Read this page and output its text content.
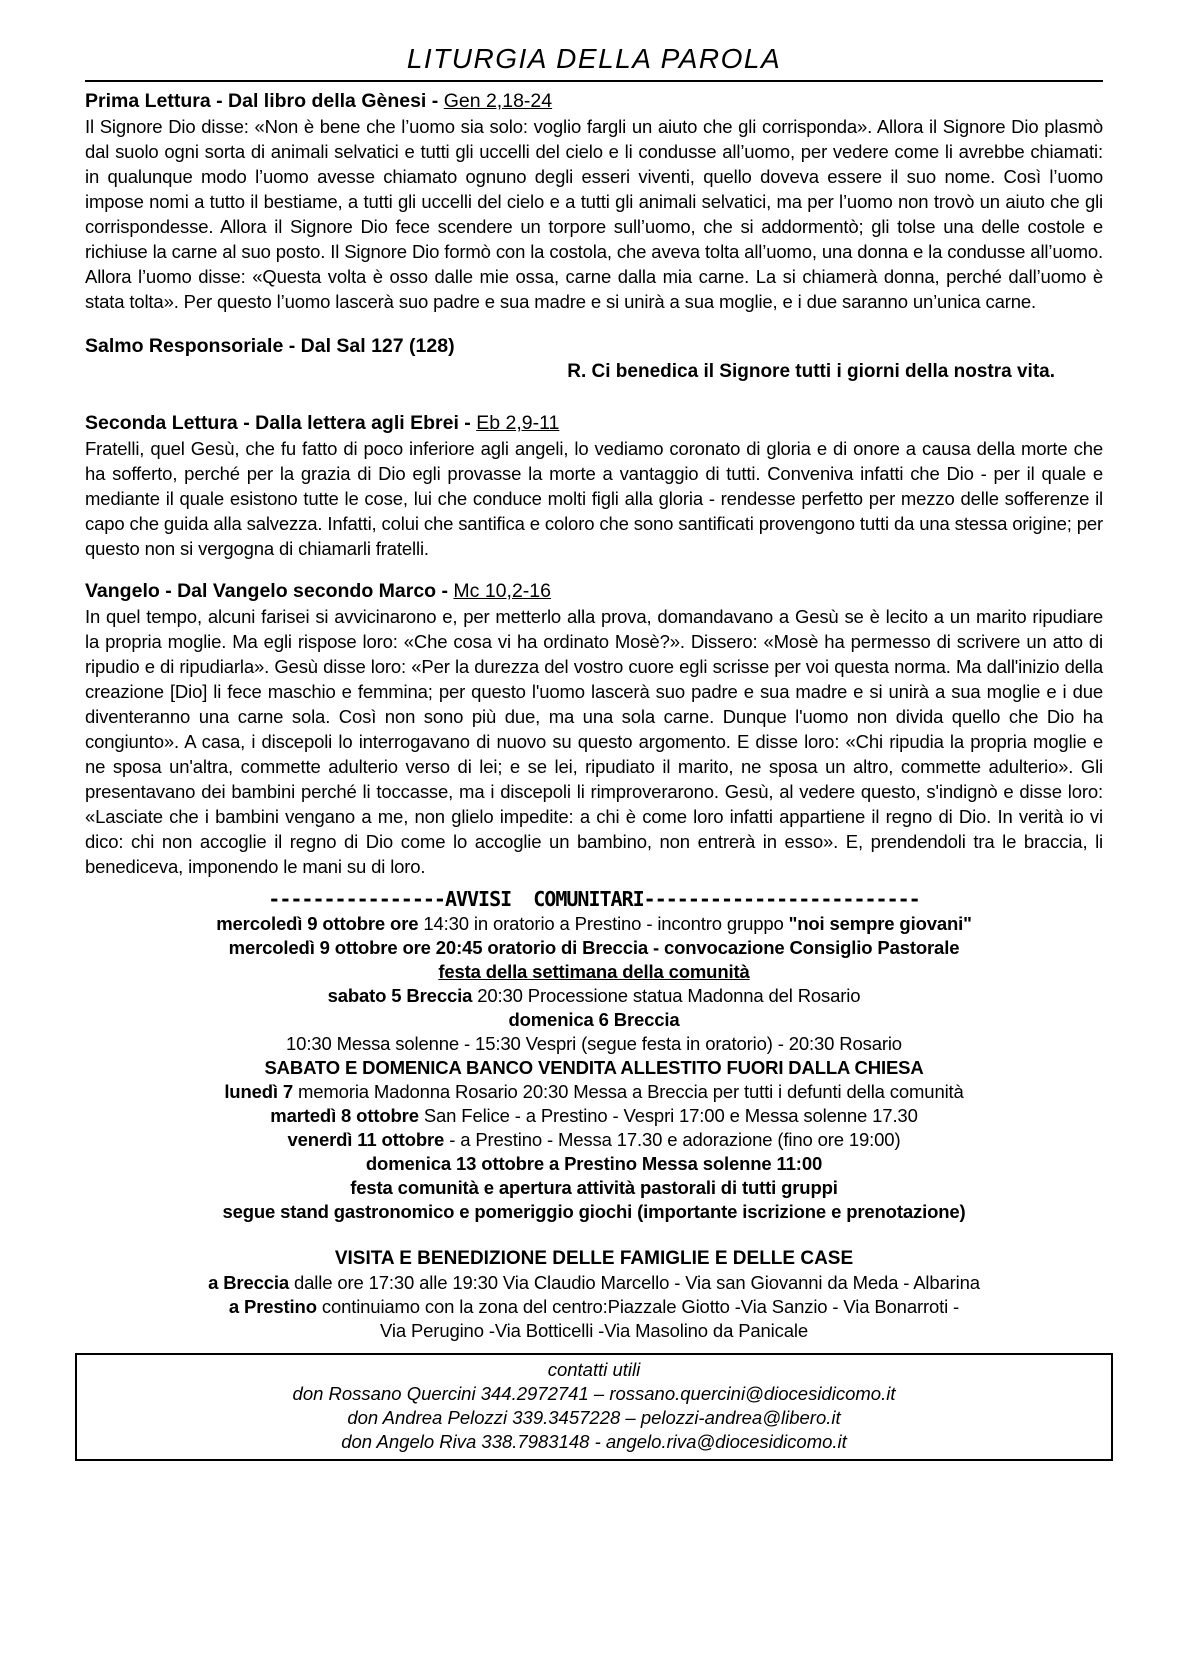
LITURGIA DELLA PAROLA
Prima Lettura - Dal libro della Gènesi - Gen 2,18-24

Il Signore Dio disse: «Non è bene che l’uomo sia solo: voglio fargli un aiuto che gli corrisponda». Allora il Signore Dio plasmò dal suolo ogni sorta di animali selvatici e tutti gli uccelli del cielo e li condusse all’uomo, per vedere come li avrebbe chiamati: in qualunque modo l’uomo avesse chiamato ognuno degli esseri viventi, quello doveva essere il suo nome. Così l’uomo impose nomi a tutto il bestiame, a tutti gli uccelli del cielo e a tutti gli animali selvatici, ma per l’uomo non trovò un aiuto che gli corrispondesse. Allora il Signore Dio fece scendere un torpore sull’uomo, che si addormentò; gli tolse una delle costole e richiuse la carne al suo posto. Il Signore Dio formò con la costola, che aveva tolta all’uomo, una donna e la condusse all’uomo. Allora l’uomo disse: «Questa volta è osso dalle mie ossa, carne dalla mia carne. La si chiamerà donna, perché dall’uomo è stata tolta». Per questo l’uomo lascerà suo padre e sua madre e si unirà a sua moglie, e i due saranno un’unica carne.

Salmo Responsoriale - Dal Sal 127 (128)
R. Ci benedica il Signore tutti i giorni della nostra vita.
Seconda Lettura - Dalla lettera agli Ebrei - Eb 2,9-11

Fratelli, quel Gesù, che fu fatto di poco inferiore agli angeli, lo vediamo coronato di gloria e di onore a causa della morte che ha sofferto, perché per la grazia di Dio egli provasse la morte a vantaggio di tutti. Conveniva infatti che Dio - per il quale e mediante il quale esistono tutte le cose, lui che conduce molti figli alla gloria - rendesse perfetto per mezzo delle sofferenze il capo che guida alla salvezza. Infatti, colui che santifica e coloro che sono santificati provengono tutti da una stessa origine; per questo non si vergogna di chiamarli fratelli.

Vangelo - Dal Vangelo secondo Marco - Mc 10,2-16

In quel tempo, alcuni farisei si avvicinarono e, per metterlo alla prova, domandavano a Gesù se è lecito a un marito ripudiare la propria moglie. Ma egli rispose loro: «Che cosa vi ha ordinato Mosè?». Dissero: «Mosè ha permesso di scrivere un atto di ripudio e di ripudiarla». Gesù disse loro: «Per la durezza del vostro cuore egli scrisse per voi questa norma. Ma dall'inizio della creazione [Dio] li fece maschio e femmina; per questo l'uomo lascerà suo padre e sua madre e si unirà a sua moglie e i due diventeranno una carne sola. Così non sono più due, ma una sola carne. Dunque l'uomo non divida quello che Dio ha congiunto». A casa, i discepoli lo interrogavano di nuovo su questo argomento. E disse loro: «Chi ripudia la propria moglie e ne sposa un'altra, commette adulterio verso di lei; e se lei, ripudiato il marito, ne sposa un altro, commette adulterio». Gli presentavano dei bambini perché li toccasse, ma i discepoli li rimproverarono. Gesù, al vedere questo, s'indignò e disse loro: «Lasciate che i bambini vengano a me, non glielo impedite: a chi è come loro infatti appartiene il regno di Dio. In verità io vi dico: chi non accoglie il regno di Dio come lo accoglie un bambino, non entrerà in esso». E, prendendoli tra le braccia, li benediceva, imponendo le mani su di loro.

----------------AVVISI  COMUNITARI-------------------------
mercoledì 9 ottobre ore 14:30 in oratorio a Prestino - incontro gruppo "noi sempre giovani"
mercoledì 9 ottobre ore 20:45 oratorio di Breccia - convocazione Consiglio Pastorale
festa della settimana della comunità
sabato 5 Breccia 20:30 Processione statua Madonna del Rosario
domenica 6 Breccia
10:30 Messa solenne - 15:30 Vespri (segue festa in oratorio) - 20:30 Rosario
SABATO E DOMENICA BANCO VENDITA ALLESTITO FUORI DALLA CHIESA
lunedì 7 memoria Madonna Rosario 20:30 Messa a Breccia per tutti i defunti della comunità
martedì 8 ottobre San Felice - a Prestino - Vespri 17:00 e Messa solenne 17.30
venerdì 11 ottobre - a Prestino - Messa 17.30 e adorazione (fino ore 19:00)
domenica 13 ottobre a Prestino Messa solenne 11:00
festa comunità e apertura attività pastorali di tutti gruppi
segue stand gastronomico e pomeriggio giochi (importante iscrizione e prenotazione)
VISITA E BENEDIZIONE DELLE FAMIGLIE E DELLE CASE
a Breccia dalle ore 17:30 alle 19:30 Via Claudio Marcello - Via san Giovanni da Meda - Albarina
a Prestino continuiamo con la zona del centro:Piazzale Giotto -Via Sanzio - Via Bonarroti -
Via Perugino -Via Botticelli -Via Masolino da Panicale
contatti utili
don Rossano Quercini 344.2972741 – rossano.quercini@diocesidicomo.it
don Andrea Pelozzi 339.3457228 – pelozzi-andrea@libero.it
don Angelo Riva 338.7983148 - angelo.riva@diocesidicomo.it
